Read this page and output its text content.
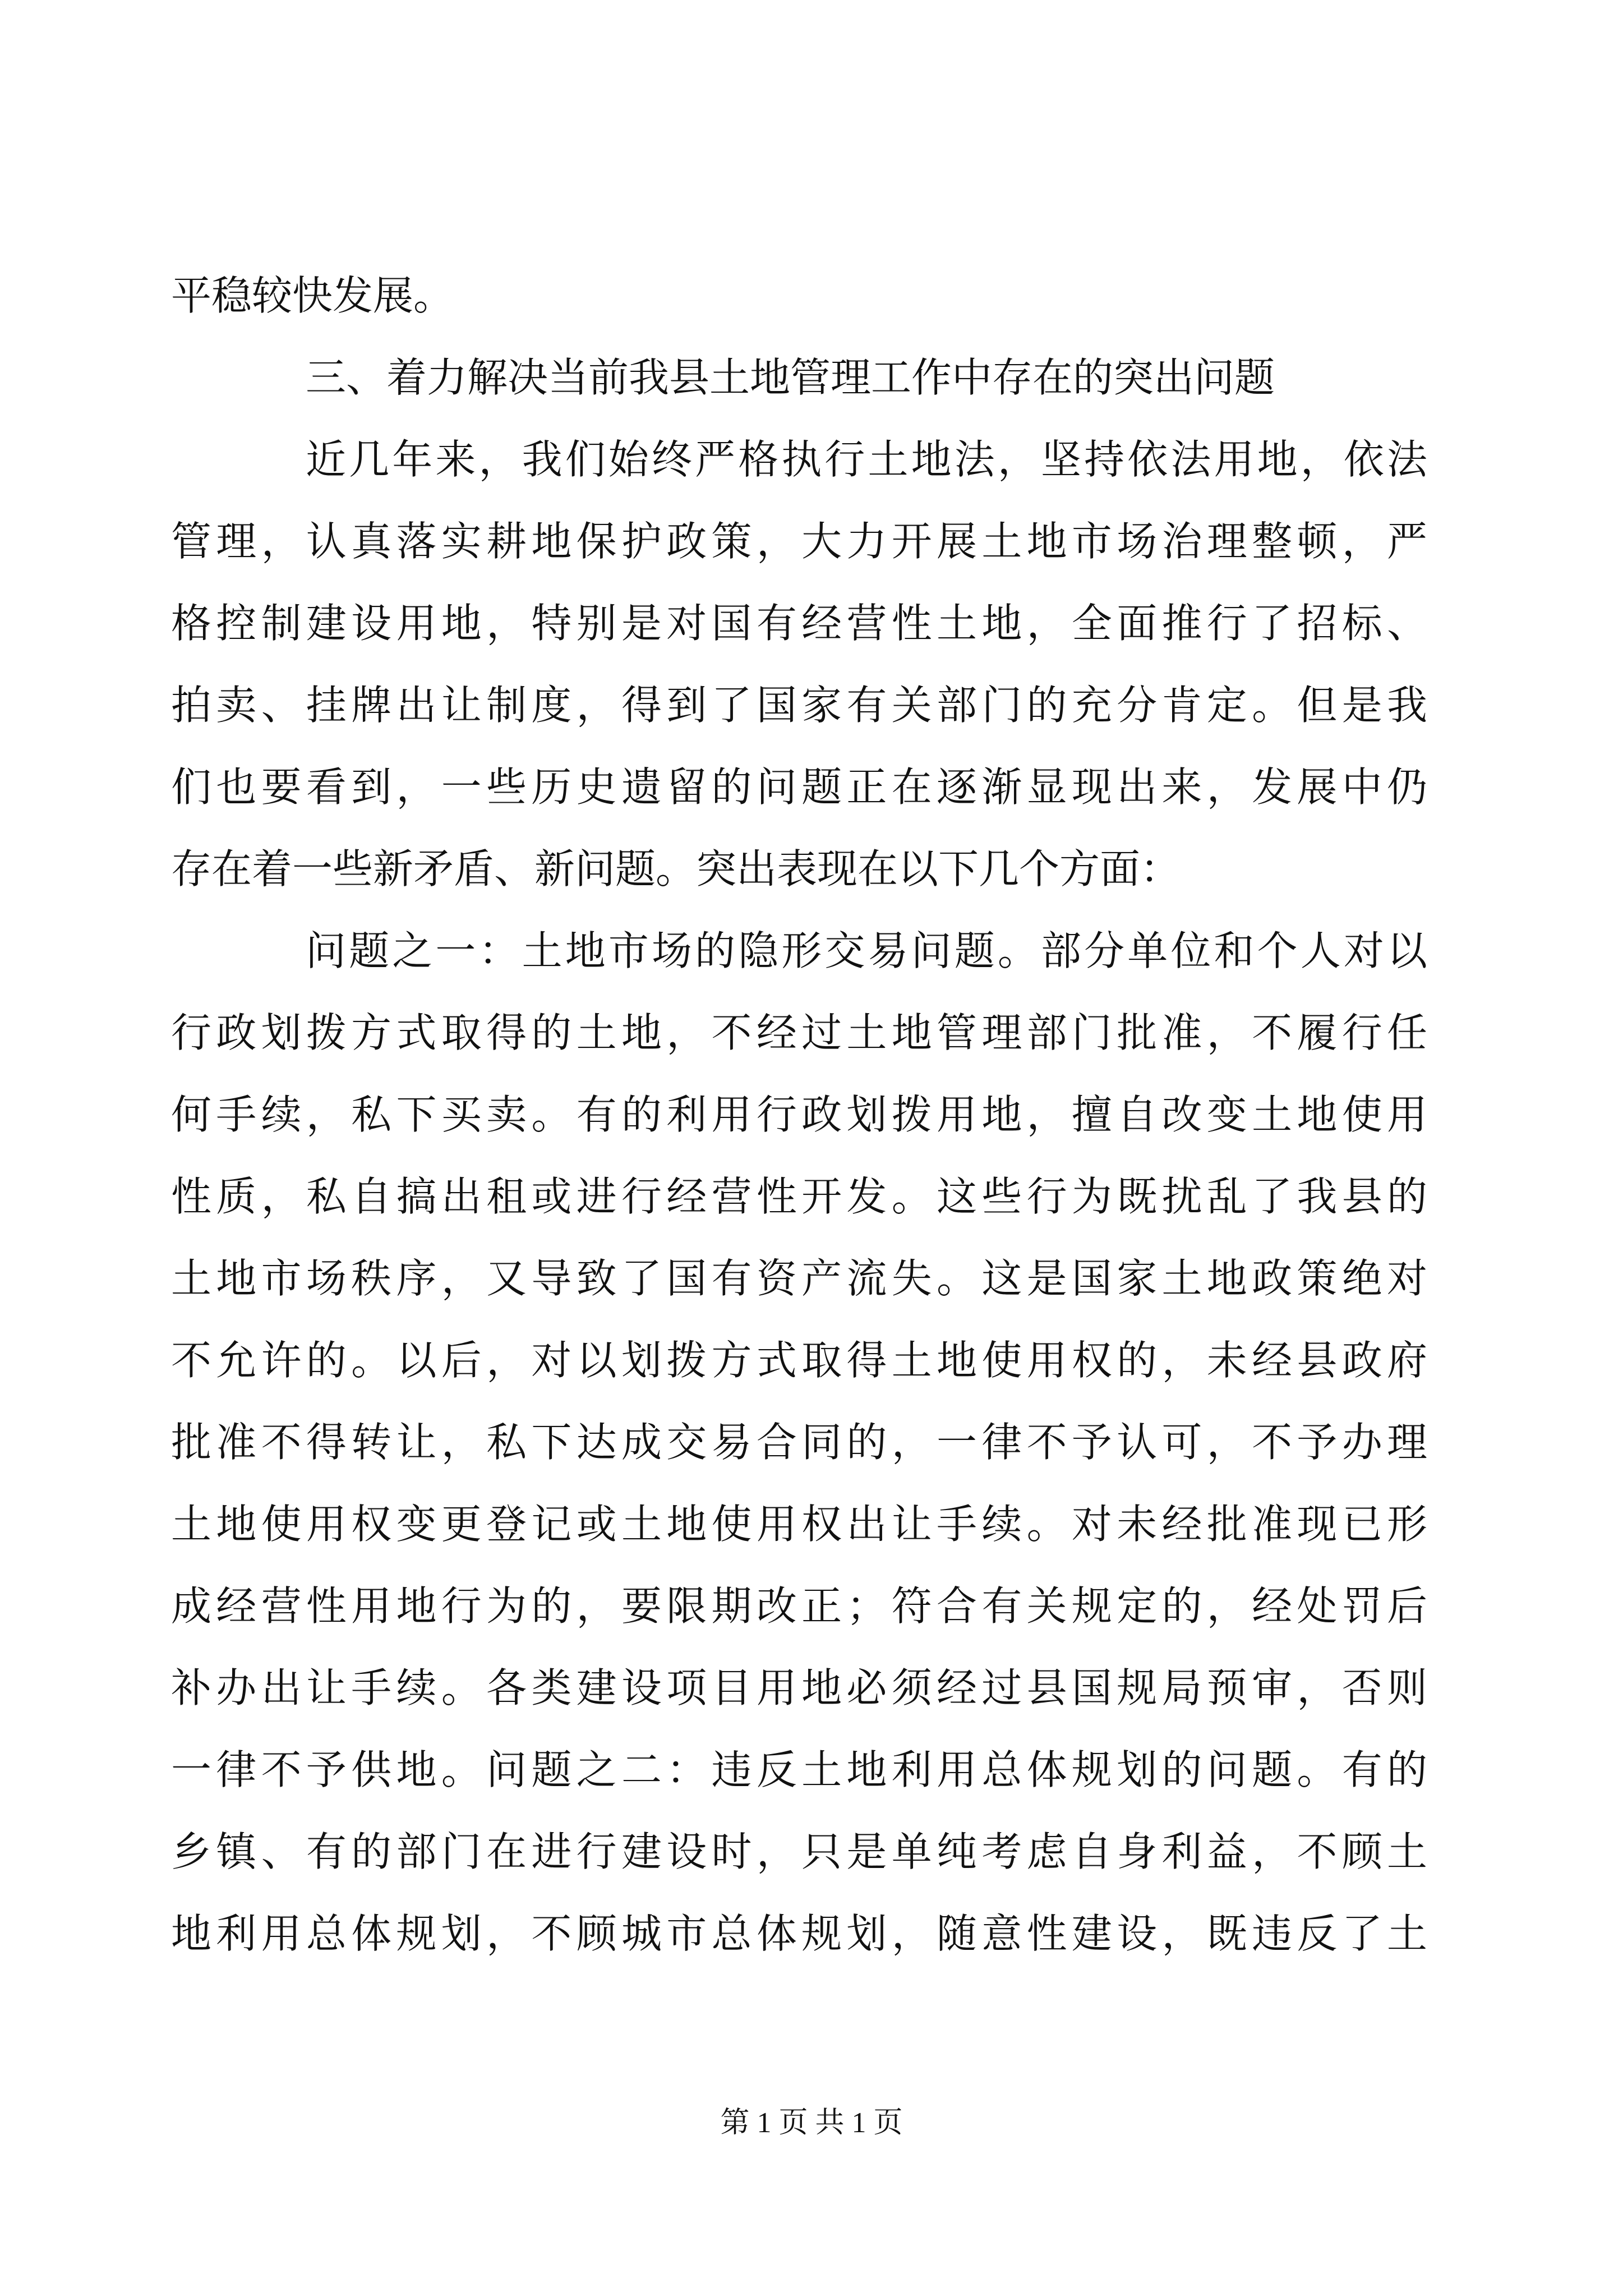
平稳较快发展。

三、着力解决当前我县土地管理工作中存在的突出问题

近几年来，我们始终严格执行土地法，坚持依法用地，依法

管理，认真落实耕地保护政策，大力开展土地市场治理整顿，严

格控制建设用地，特别是对国有经营性土地，全面推行了招标、

拍卖、挂牌出让制度，得到了国家有关部门的充分肯定。但是我

们也要看到，一些历史遗留的问题正在逐渐显现出来，发展中仍

存在着一些新矛盾、新问题。突出表现在以下几个方面：

问题之一：土地市场的隐形交易问题。部分单位和个人对以

行政划拨方式取得的土地，不经过土地管理部门批准，不履行任

何手续，私下买卖。有的利用行政划拨用地，擅自改变土地使用

性质，私自搞出租或进行经营性开发。这些行为既扰乱了我县的

土地市场秩序，又导致了国有资产流失。这是国家土地政策绝对

不允许的。以后，对以划拨方式取得土地使用权的，未经县政府

批准不得转让，私下达成交易合同的，一律不予认可，不予办理

土地使用权变更登记或土地使用权出让手续。对未经批准现已形

成经营性用地行为的，要限期改正；符合有关规定的，经处罚后

补办出让手续。各类建设项目用地必须经过县国规局预审，否则

一律不予供地。问题之二：违反土地利用总体规划的问题。有的

乡镇、有的部门在进行建设时，只是单纯考虑自身利益，不顾土

地利用总体规划，不顾城市总体规划，随意性建设，既违反了土

第 1 页 共 1 页
